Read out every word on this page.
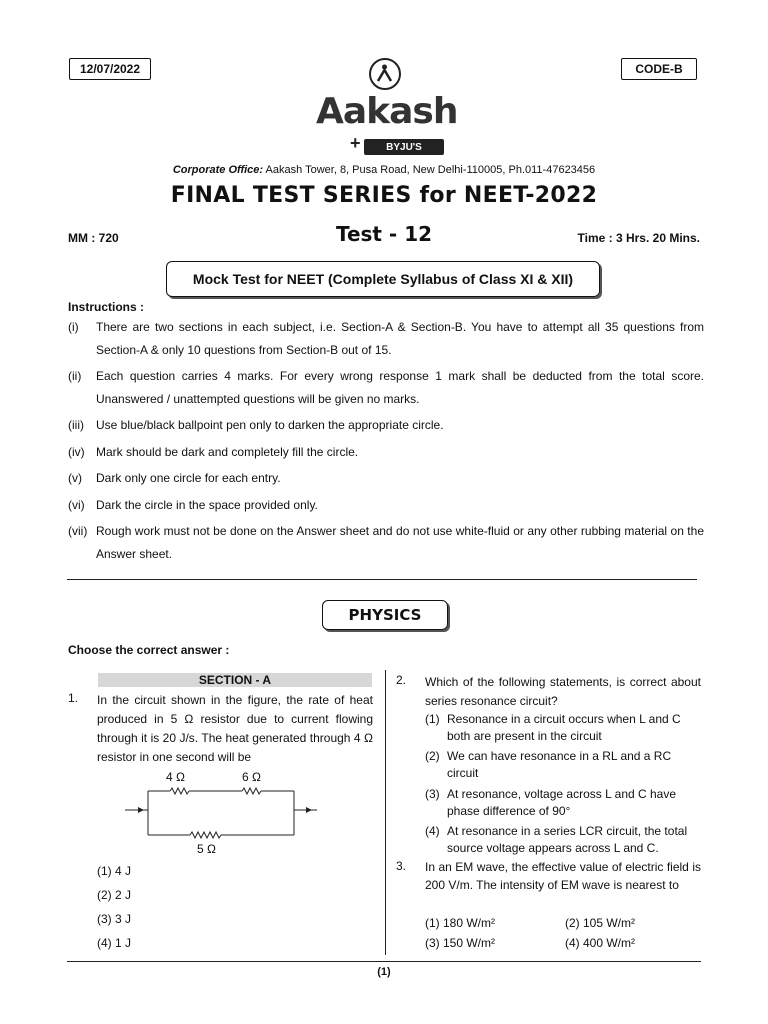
12/07/2022	CODE-B
Aakash
+	BYJU'S
Corporate Office: Aakash Tower, 8, Pusa Road, New Delhi-110005, Ph.011-47623456
FINAL TEST SERIES for NEET-2022
MM : 720	Test - 12	Time : 3 Hrs. 20 Mins.
Mock Test for NEET (Complete Syllabus of Class XI & XII)
Instructions :
(i)	There are two sections in each subject, i.e. Section-A & Section-B. You have to attempt all 35 questions from Section-A & only 10 questions from Section-B out of 15.
(ii)	Each question carries 4 marks. For every wrong response 1 mark shall be deducted from the total score. Unanswered / unattempted questions will be given no marks.
(iii)	Use blue/black ballpoint pen only to darken the appropriate circle.
(iv) Mark should be dark and completely fill the circle.
(v)	Dark only one circle for each entry.
(vi) Dark the circle in the space provided only.
(vii) Rough work must not be done on the Answer sheet and do not use white-fluid or any other rubbing material on the Answer sheet.
PHYSICS
Choose the correct answer :
SECTION - A
1. In the circuit shown in the figure, the rate of heat produced in 5 Ω resistor due to current flowing through it is 20 J/s. The heat generated through 4 Ω resistor in one second will be
4 Ω	6 Ω
5 Ω
(1) 4 J
(2) 2 J
(3) 3 J
(4) 1 J
2. Which of the following statements, is correct about series resonance circuit?
(1) Resonance in a circuit occurs when L and C
both are present in the circuit
(2) We can have resonance in a RL and a RC
circuit
(3) At resonance, voltage across L and C have
phase difference of 90°
(4) At resonance in a series LCR circuit, the total
source voltage appears across L and C.
3. In an EM wave, the effective value of electric field is 200 V/m. The intensity of EM wave is nearest to
(1) 180 W/m²	(2) 105 W/m²
(3) 150 W/m²	(4) 400 W/m²
(1)
